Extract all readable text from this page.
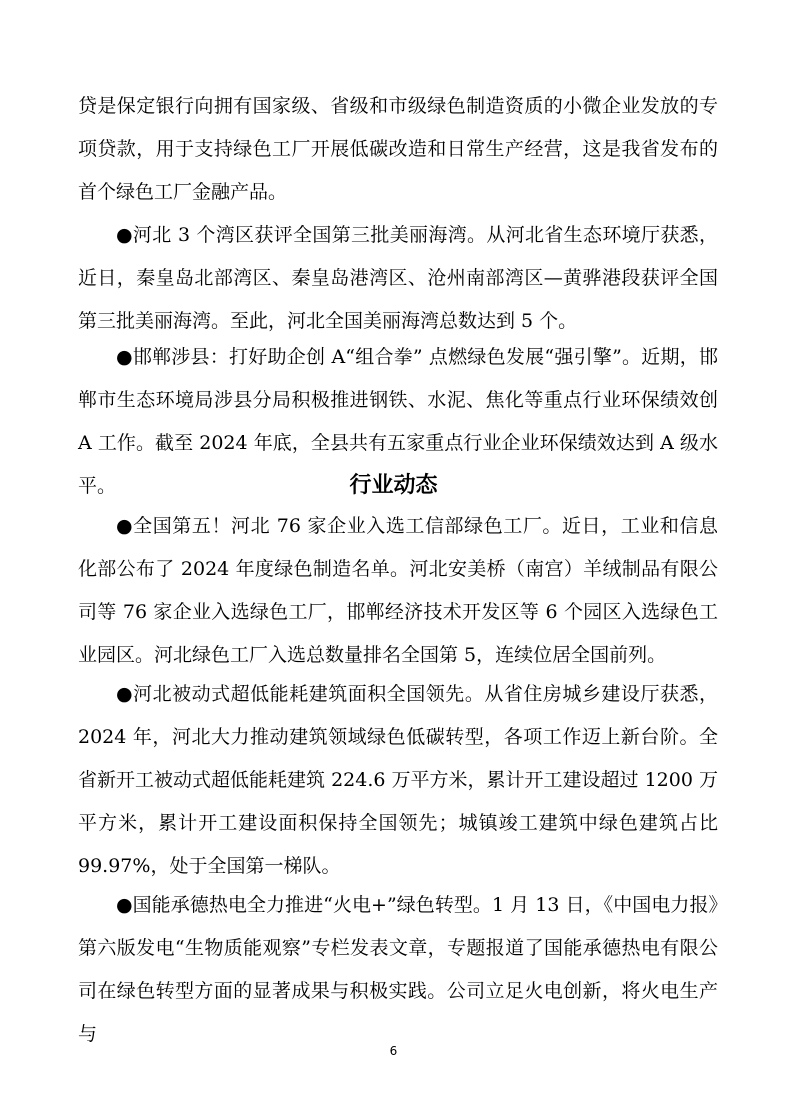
贷是保定银行向拥有国家级、省级和市级绿色制造资质的小微企业发放的专项贷款，用于支持绿色工厂开展低碳改造和日常生产经营，这是我省发布的首个绿色工厂金融产品。

●河北 3 个湾区获评全国第三批美丽海湾。从河北省生态环境厅获悉，近日，秦皇岛北部湾区、秦皇岛港湾区、沧州南部湾区—黄骅港段获评全国第三批美丽海湾。至此，河北全国美丽海湾总数达到 5 个。

●邯郸涉县：打好助企创 A“组合拳” 点燃绿色发展“强引擎”。近期，邯郸市生态环境局涉县分局积极推进钢铁、水泥、焦化等重点行业环保绩效创 A 工作。截至 2024 年底，全县共有五家重点行业企业环保绩效达到 A 级水平。	行业动态

●全国第五！河北 76 家企业入选工信部绿色工厂。近日，工业和信息化部公布了 2024 年度绿色制造名单。河北安美桥（南宫）羊绒制品有限公司等 76 家企业入选绿色工厂，邯郸经济技术开发区等 6 个园区入选绿色工业园区。河北绿色工厂入选总数量排名全国第 5，连续位居全国前列。

●河北被动式超低能耗建筑面积全国领先。从省住房城乡建设厅获悉，2024 年，河北大力推动建筑领域绿色低碳转型，各项工作迈上新台阶。全省新开工被动式超低能耗建筑 224.6 万平方米，累计开工建设超过 1200 万平方米，累计开工建设面积保持全国领先；城镇竣工建筑中绿色建筑占比 99.97%，处于全国第一梯队。

●国能承德热电全力推进“火电+”绿色转型。1 月 13 日，《中国电力报》第六版发电“生物质能观察”专栏发表文章，专题报道了国能承德热电有限公司在绿色转型方面的显著成果与积极实践。公司立足火电创新，将火电生产与

6
